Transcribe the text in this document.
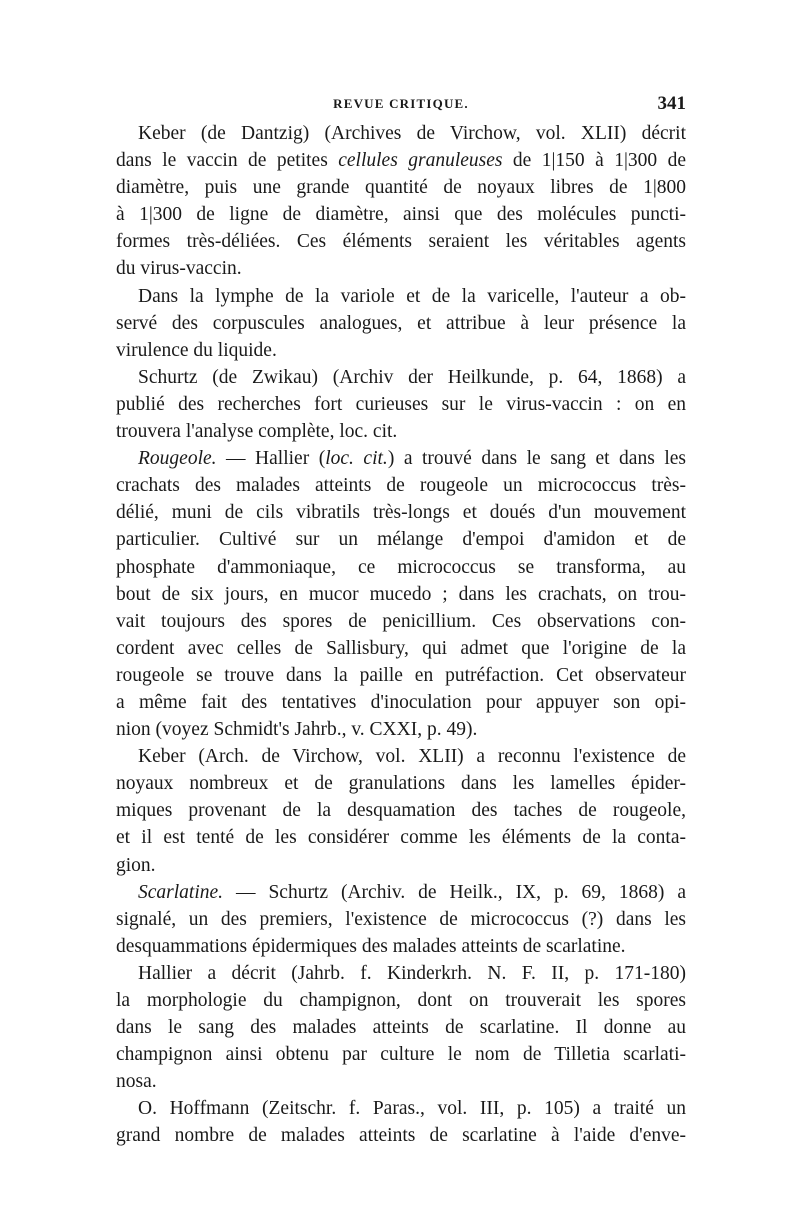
REVUE CRITIQUE.	341
Keber (de Dantzig) (Archives de Virchow, vol. XLII) décrit
dans le vaccin de petites cellules granuleuses de 1|150 à 1|300 de
diamètre, puis une grande quantité de noyaux libres de 1|800
à 1|300 de ligne de diamètre, ainsi que des molécules puncti-
formes très-déliées. Ces éléments seraient les véritables agents
du virus-vaccin.
Dans la lymphe de la variole et de la varicelle, l'auteur a ob-
servé des corpuscules analogues, et attribue à leur présence la
virulence du liquide.
Schurtz (de Zwikau) (Archiv der Heilkunde, p. 64, 1868) a
publié des recherches fort curieuses sur le virus-vaccin : on en
trouvera l'analyse complète, loc. cit.
Rougeole. — Hallier (loc. cit.) a trouvé dans le sang et dans les
crachats des malades atteints de rougeole un micrococcus très-
délié, muni de cils vibratils très-longs et doués d'un mouvement
particulier. Cultivé sur un mélange d'empoi d'amidon et de
phosphate d'ammoniaque, ce micrococcus se transforma, au
bout de six jours, en mucor mucedo ; dans les crachats, on trou-
vait toujours des spores de penicillium. Ces observations con-
cordent avec celles de Sallisbury, qui admet que l'origine de la
rougeole se trouve dans la paille en putréfaction. Cet observateur
a même fait des tentatives d'inoculation pour appuyer son opi-
nion (voyez Schmidt's Jahrb., v. CXXI, p. 49).
Keber (Arch. de Virchow, vol. XLII) a reconnu l'existence de
noyaux nombreux et de granulations dans les lamelles épider-
miques provenant de la desquamation des taches de rougeole,
et il est tenté de les considérer comme les éléments de la conta-
gion.
Scarlatine. — Schurtz (Archiv. de Heilk., IX, p. 69, 1868) a
signalé, un des premiers, l'existence de micrococcus (?) dans les
desquammations épidermiques des malades atteints de scarlatine.
Hallier a décrit (Jahrb. f. Kinderkrh. N. F. II, p. 171-180)
la morphologie du champignon, dont on trouverait les spores
dans le sang des malades atteints de scarlatine. Il donne au
champignon ainsi obtenu par culture le nom de Tilletia scarlati-
nosa.
O. Hoffmann (Zeitschr. f. Paras., vol. III, p. 105) a traité un
grand nombre de malades atteints de scarlatine à l'aide d'enve-
